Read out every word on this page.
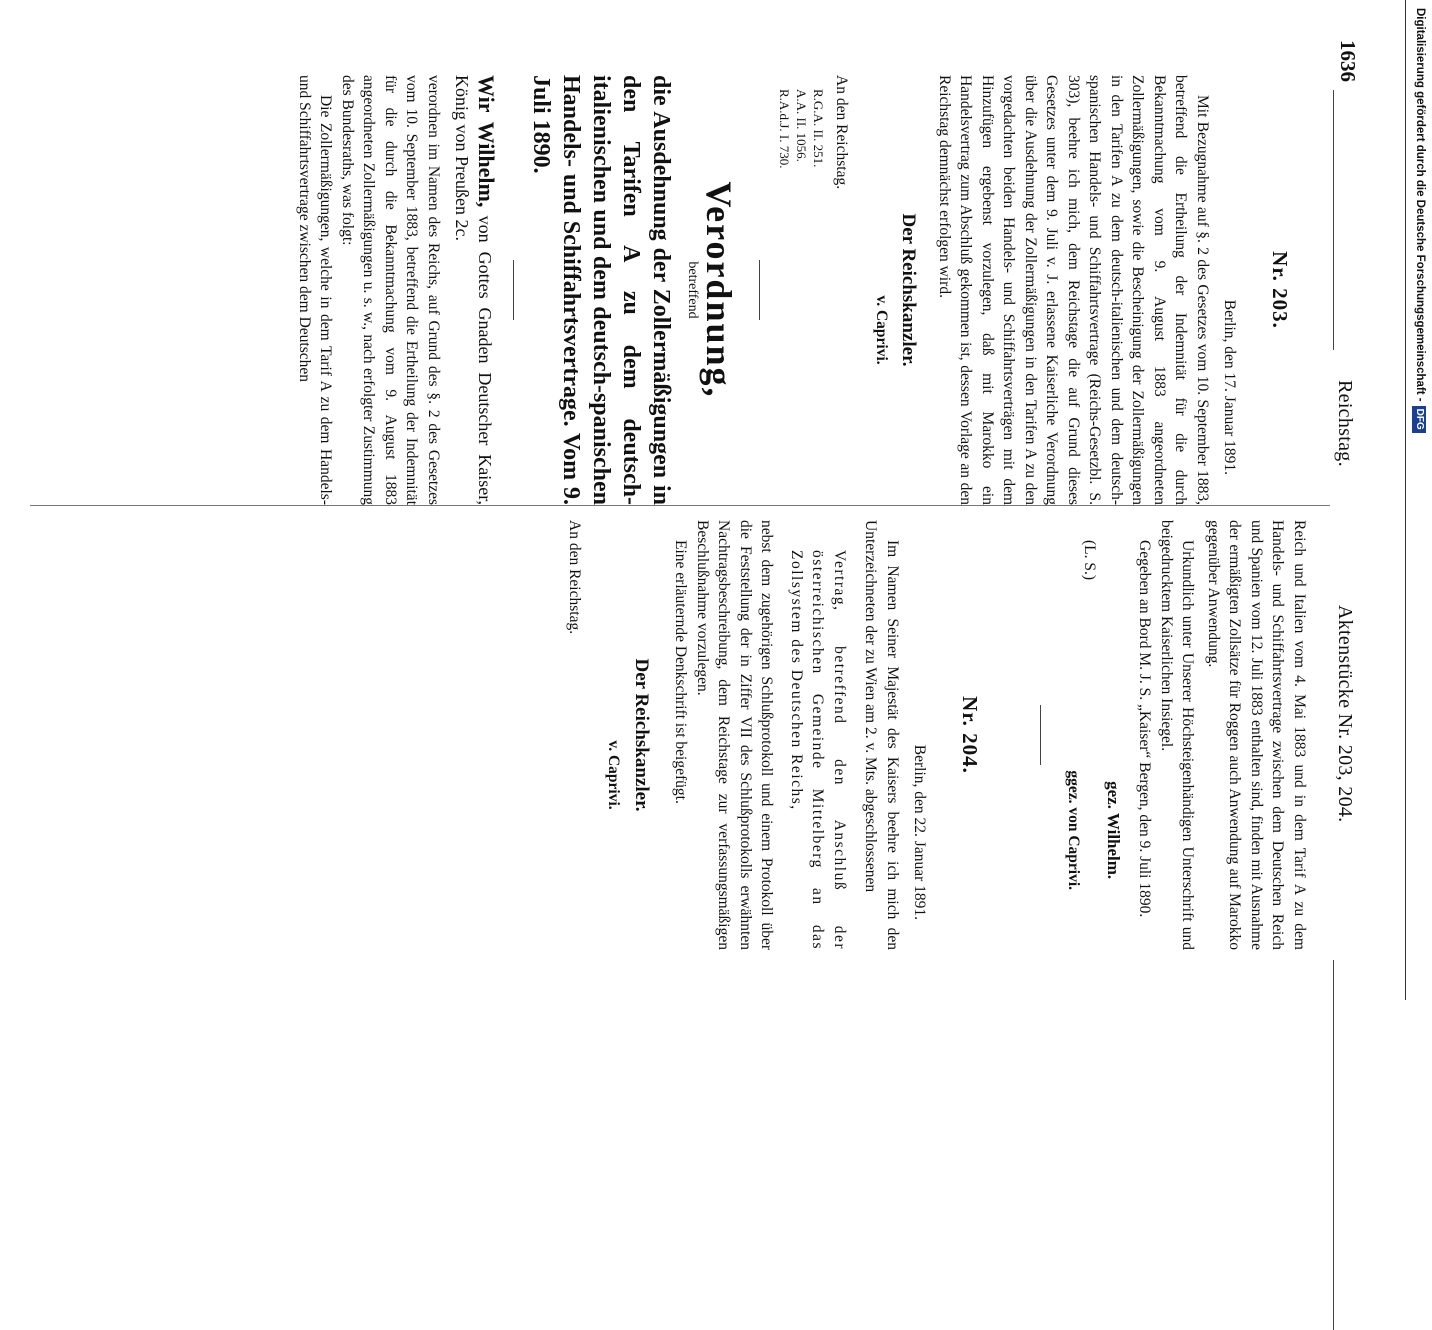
1636
Reichstag.
Aktenstücke Nr. 203, 204.
Nr. 203.

Berlin, den 17. Januar 1891.

Mit Bezugnahme auf §. 2 des Gesetzes vom 10. September 1883, betreffend die Ertheilung der Indemnität für die durch Bekanntmachung vom 9. August 1883 angeordneten Zollermäßigungen, sowie die Bescheinigung der Zollermäßigungen in den Tarifen A zu dem deutsch-italienischen und dem deutsch-spanischen Handels- und Schiffahrtsvertrage (Reichs-Gesetzbl. S. 303), beehre ich mich, dem Reichstage die auf Grund dieses Gesetzes unter dem 9. Juli v. J. erlassene Kaiserliche Verordnung über die Ausdehnung der Zollermäßigungen in den Tarifen A zu den vorgedachten beiden Handels- und Schiffahrtsverträgen mit dem Hinzufügen ergebenst vorzulegen, daß mit Marokko ein Handelsvertrag zum Abschluß gekommen ist, dessen Vorlage an den Reichstag demnächst erfolgen wird.

Der Reichskanzler.

v. Caprivi.

An den Reichstag.

R.G.A. II. 251.
A.A. II. 1056.
R.A.d.J. I. 730.
Verordnung,

betreffend

die Ausdehnung der Zollermäßigungen in den Tarifen A zu dem deutsch-italienischen und dem deutsch-spanischen Handels- und Schiffahrtsvertrage. Vom 9. Juli 1890.

Wir Wilhelm, von Gottes Gnaden Deutscher Kaiser, König von Preußen 2c.

verordnen im Namen des Reichs, auf Grund des §. 2 des Gesetzes vom 10. September 1883, betreffend die Ertheilung der Indemnität für die durch die Bekanntmachung vom 9. August 1883 angeordneten Zollermäßigungen u. s. w., nach erfolgter Zustimmung des Bundesraths, was folgt:

Die Zollermäßigungen, welche in dem Tarif A zu dem Handels- und Schiffahrtsvertrage zwischen dem Deutschen

Reich und Italien vom 4. Mai 1883 und in dem Tarif A zu dem Handels- und Schiffahrtsvertrage zwischen dem Deutschen Reich und Spanien vom 12. Juli 1883 enthalten sind, finden mit Ausnahme der ermäßigten Zollsätze für Roggen auch Anwendung auf Marokko gegenüber Anwendung.

Urkundlich unter Unserer Höchsteigenhändigen Unterschrift und beigedrucktem Kaiserlichen Insiegel.

Gegeben an Bord M. J. S. „Kaiser“ Bergen, den 9. Juli 1890.

(L. S.)
gez. Wilhelm.
ggez. von Caprivi.
Nr. 204.

Berlin, den 22. Januar 1891.

Im Namen Seiner Majestät des Kaisers beehre ich mich den Unterzeichneten der zu Wien am 2. v. Mts. abgeschlossenen

Vertrag, betreffend den Anschluß der österreichischen Gemeinde Mittelberg an das Zollsystem des Deutschen Reichs,

nebst dem zugehörigen Schlußprotokoll und einem Protokoll über die Feststellung der in Ziffer VII des Schlußprotokolls erwähnten Nachtragsbeschreibung, dem Reichstage zur verfassungsmäßigen Beschlußnahme vorzulegen.

Eine erläuternde Denkschrift ist beigefügt.

Der Reichskanzler.

v. Caprivi.

An den Reichstag.

Digitalisierung gefördert durch die Deutsche Forschungsgemeinschaft -DFG
